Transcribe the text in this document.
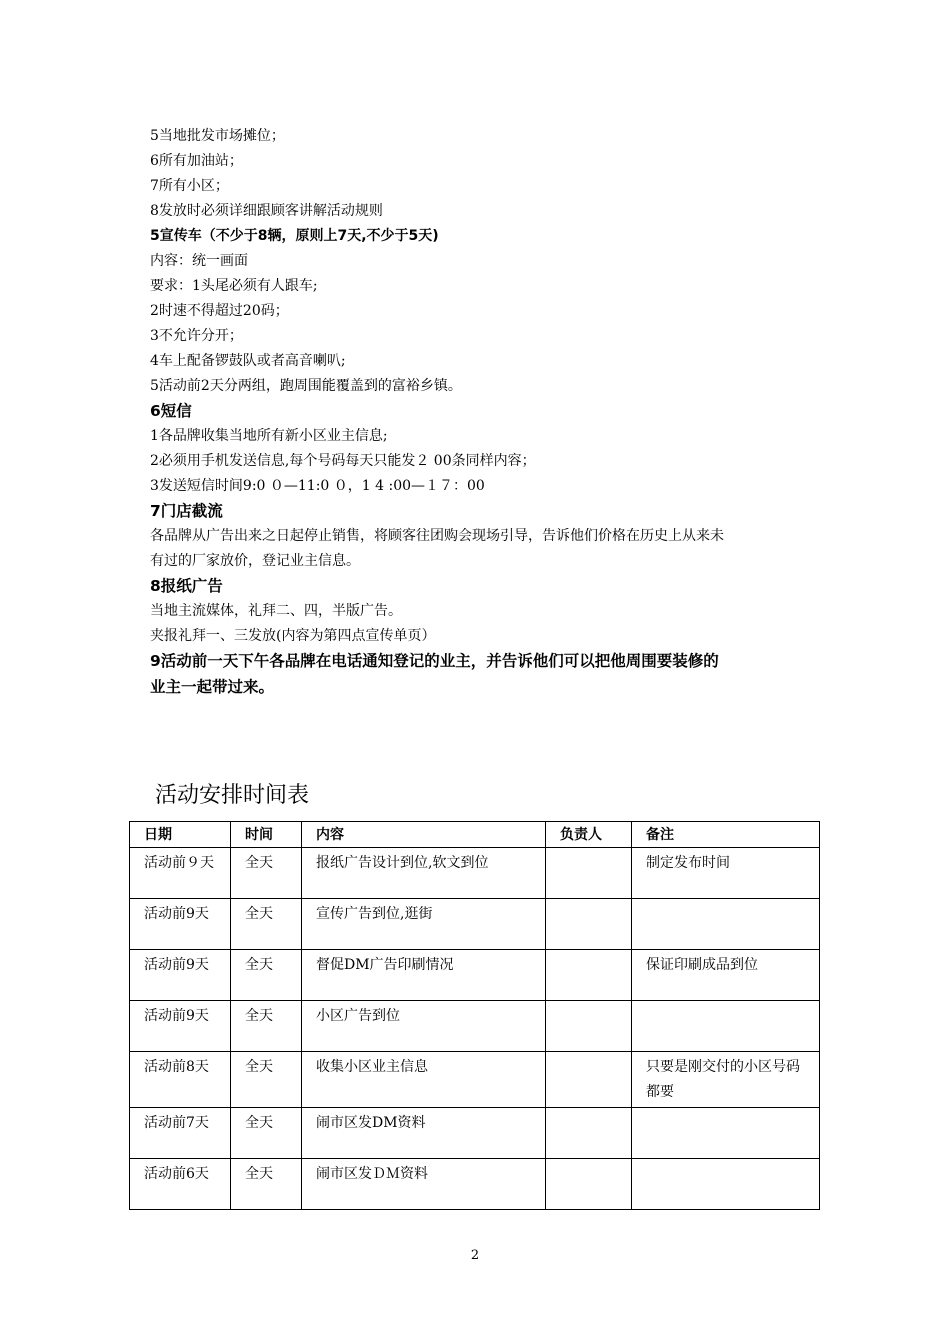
5当地批发市场摊位；
6所有加油站；
7所有小区；
8发放时必须详细跟顾客讲解活动规则
5宣传车（不少于8辆，原则上7天,不少于5天)
内容：统一画面
要求：1头尾必须有人跟车;
2时速不得超过20码；
3不允许分开；
4车上配备锣鼓队或者高音喇叭;
5活动前2天分两组，跑周围能覆盖到的富裕乡镇。
6短信
1各品牌收集当地所有新小区业主信息;
2必须用手机发送信息,每个号码每天只能发２ 00条同样内容；
3发送短信时间9:0 ０—11:0 ０，1 4 :00—１７：00
7门店截流
各品牌从广告出来之日起停止销售，将顾客往团购会现场引导，告诉他们价格在历史上从来未
有过的厂家放价，登记业主信息。
8报纸广告
当地主流媒体，礼拜二、四，半版广告。
夹报礼拜一、三发放(内容为第四点宣传单页）
9活动前一天下午各品牌在电话通知登记的业主，并告诉他们可以把他周围要装修的
业主一起带过来。
活动安排时间表
日期	时间	内容	负责人	备注
活动前９天	全天	报纸广告设计到位,软文到位		制定发布时间
活动前9天	全天	宣传广告到位,逛街		
活动前9天	全天	督促DM广告印刷情况		保证印刷成品到位
活动前9天	全天	小区广告到位		
活动前8天	全天	收集小区业主信息		只要是刚交付的小区号码都要
活动前7天	全天	闹市区发DM资料		
活动前6天	全天	闹市区发ＤＭ资料		
2
